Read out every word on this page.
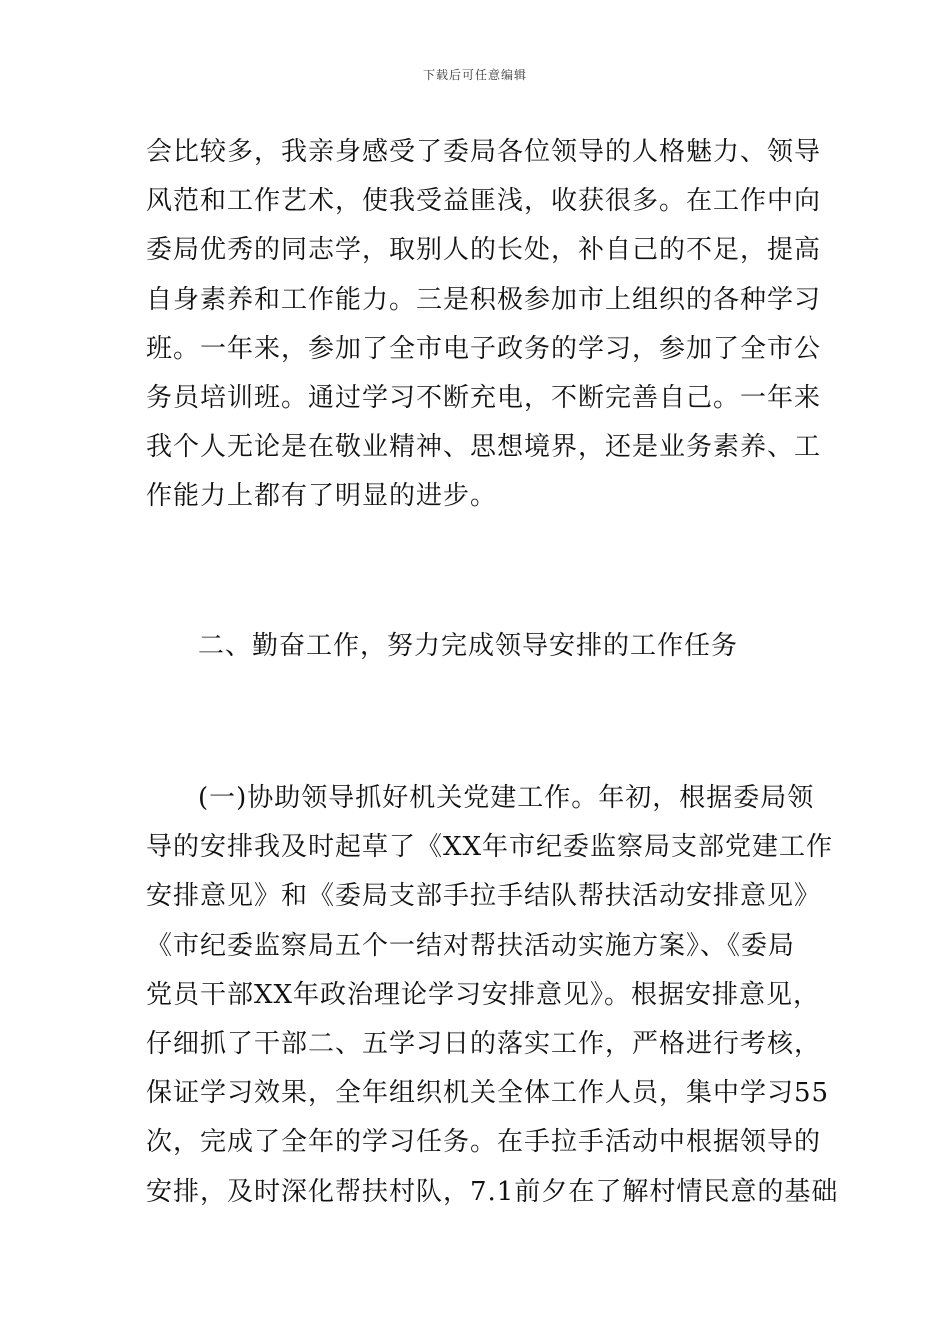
下载后可任意编辑
会比较多，我亲身感受了委局各位领导的人格魅力、领导
风范和工作艺术，使我受益匪浅，收获很多。在工作中向
委局优秀的同志学，取别人的长处，补自己的不足，提高
自身素养和工作能力。三是积极参加市上组织的各种学习
班。一年来，参加了全市电子政务的学习，参加了全市公
务员培训班。通过学习不断充电，不断完善自己。一年来
我个人无论是在敬业精神、思想境界，还是业务素养、工
作能力上都有了明显的进步。
二、勤奋工作，努力完成领导安排的工作任务
(一)协助领导抓好机关党建工作。年初，根据委局领
导的安排我及时起草了《XX年市纪委监察局支部党建工作
安排意见》和《委局支部手拉手结队帮扶活动安排意见》
《市纪委监察局五个一结对帮扶活动实施方案》、《委局
党员干部XX年政治理论学习安排意见》。根据安排意见，
仔细抓了干部二、五学习日的落实工作，严格进行考核，
保证学习效果，全年组织机关全体工作人员，集中学习55
次，完成了全年的学习任务。在手拉手活动中根据领导的
安排，及时深化帮扶村队，7.1前夕在了解村情民意的基础
